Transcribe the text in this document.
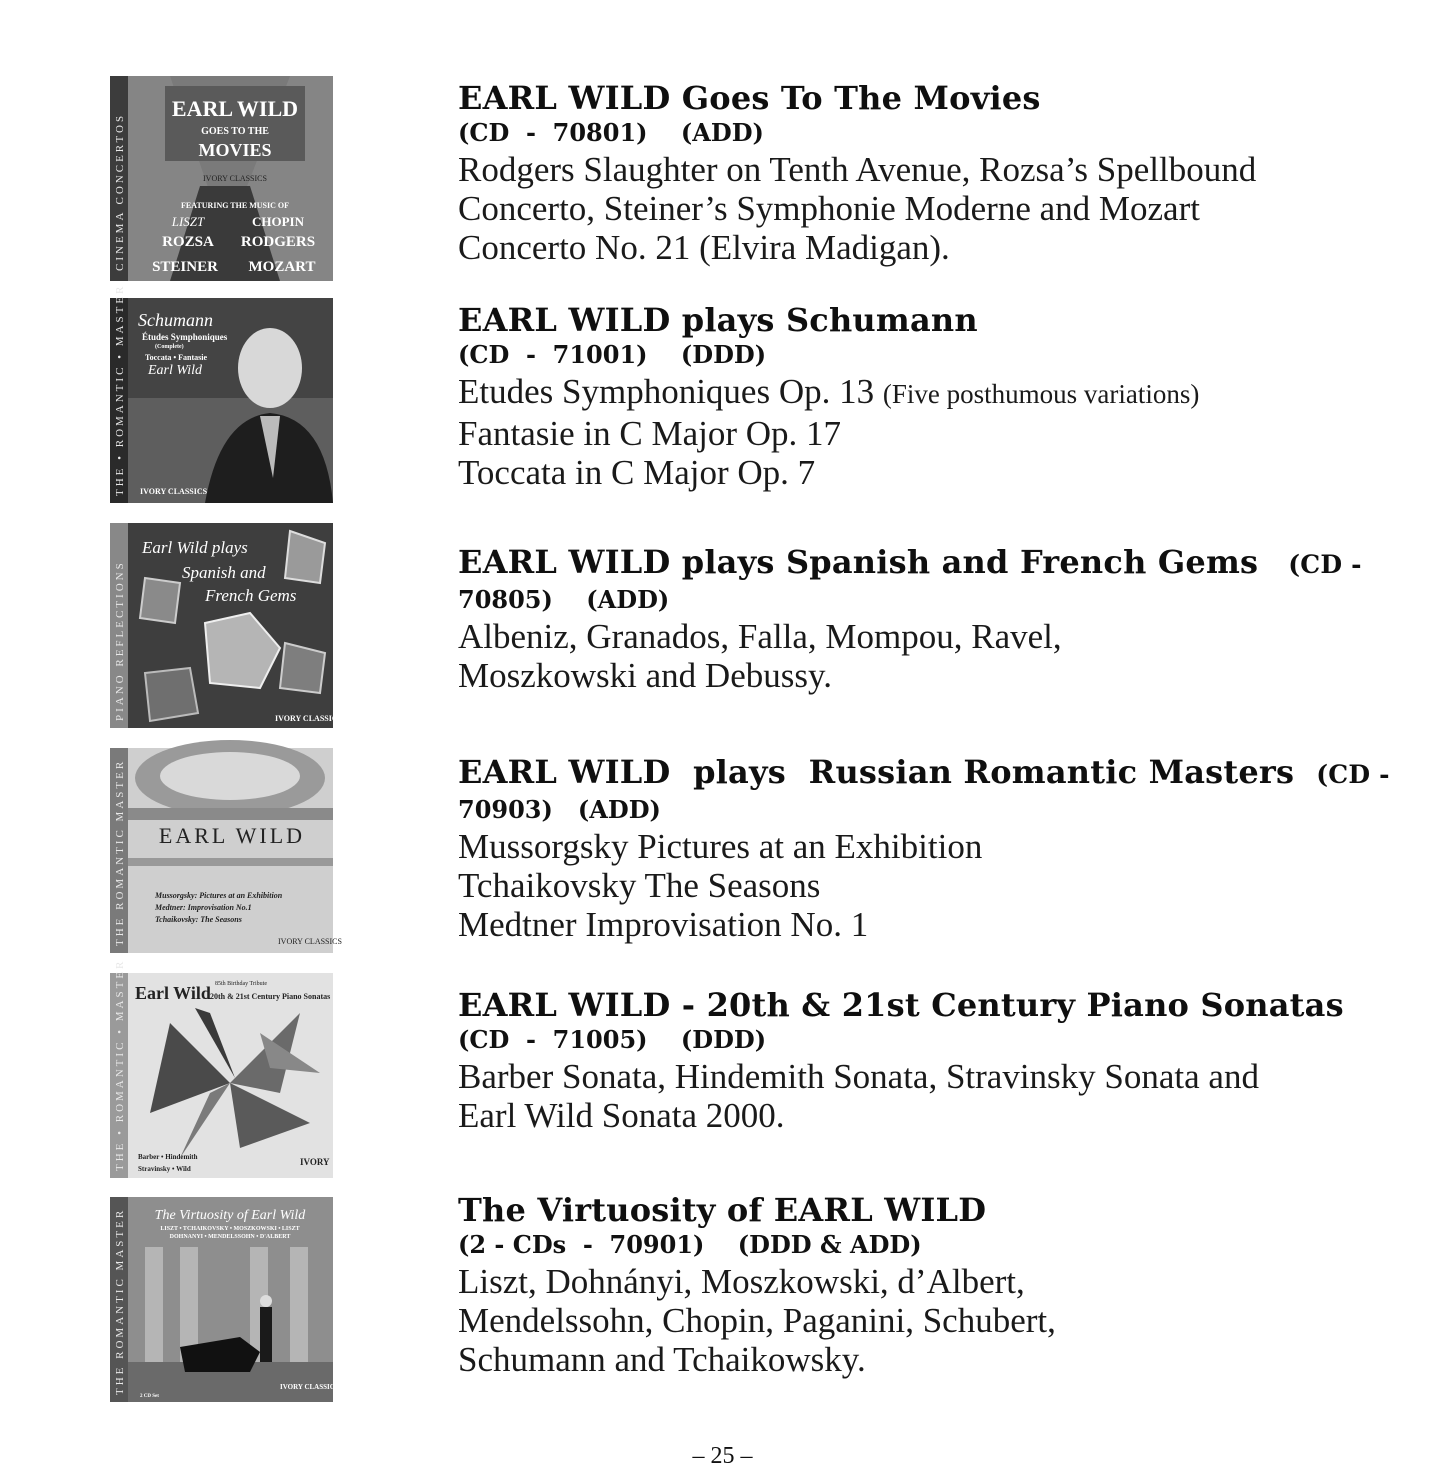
CINEMA CONCERTOS
EARL WILD
GOES TO THE
MOVIES
IVORY CLASSICS
FEATURING THE MUSIC OF
LISZT	CHOPIN
ROZSA RODGERS
STEINER MOZART
EARL WILD Goes To The Movies
(CD  -  70801)    (ADD)
Rodgers Slaughter on Tenth Avenue, Rozsa’s Spellbound
Concerto, Steiner’s Symphonie Moderne and Mozart
Concerto No. 21 (Elvira Madigan).
THE • ROMANTIC • MASTER Schumann
Études Symphoniques
(Complete)
Toccata • Fantasie
Earl Wild
IVORY CLASSICS
EARL WILD plays Schumann
(CD  -  71001)    (DDD)
Etudes Symphoniques Op. 13 (Five posthumous variations)
Fantasie in C Major Op. 17
Toccata in C Major Op. 7
PIANO REFLECTIONS
Earl Wild plays
Spanish and
French Gems
IVORY CLASSICS
EARL WILD plays Spanish and French Gems (CD -
70805)    (ADD)
Albeniz, Granados, Falla, Mompou, Ravel,
Moszkowski and Debussy.
THE ROMANTIC MASTER EARL WILD
Mussorgsky: Pictures at an Exhibition
Medtner: Improvisation No.1
Tchaikovsky: The Seasons
IVORY CLASSICS
EARL WILD  plays  Russian Romantic Masters (CD -
70903)   (ADD)
Mussorgsky Pictures at an Exhibition
Tchaikovsky The Seasons
Medtner Improvisation No. 1
THE • ROMANTIC • MASTER Earl Wild 85th Birthday Tribute
20th & 21st Century Piano Sonatas
Barber • Hindemith
Stravinsky • Wild
IVORY
EARL WILD - 20th & 21st Century Piano Sonatas
(CD  -  71005)    (DDD)
Barber Sonata, Hindemith Sonata, Stravinsky Sonata and
Earl Wild Sonata 2000.
THE ROMANTIC MASTER The Virtuosity of Earl Wild
LISZT • TCHAIKOVSKY • MOSZKOWSKI • LISZT
DOHNANYI • MENDELSSOHN • D'ALBERT
IVORY CLASSICS
2 CD Set
The Virtuosity of EARL WILD
(2 - CDs  -  70901)    (DDD & ADD)
Liszt, Dohnányi, Moszkowski, d’Albert,
Mendelssohn, Chopin, Paganini, Schubert,
Schumann and Tchaikowsky.
– 25 –
